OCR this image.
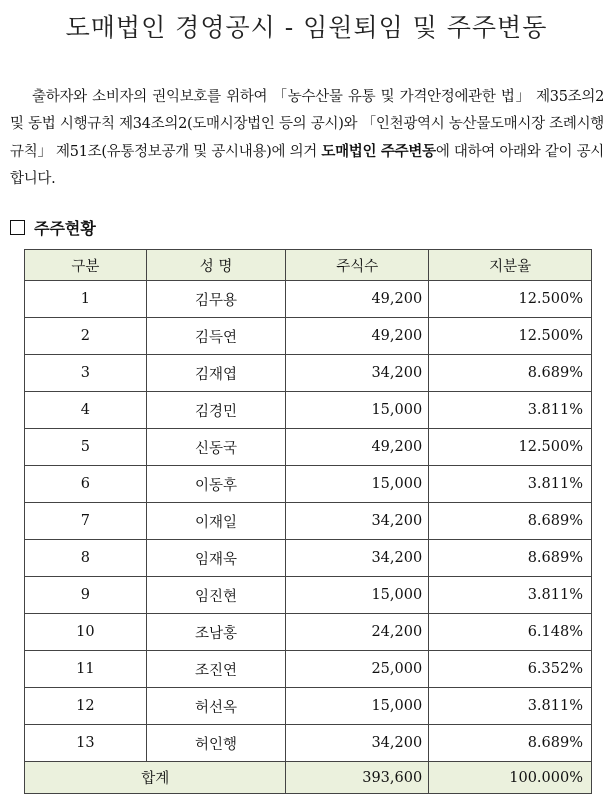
도매법인 경영공시 - 임원퇴임 및 주주변동

출하자와 소비자의 권익보호를 위하여 「농수산물 유통 및 가격안정에관한 법」 제35조의2 및 동법 시행규칙 제34조의2(도매시장법인 등의 공시)와 「인천광역시 농산물도매시장 조례시행규칙」 제51조(유통정보공개 및 공시내용)에 의거 도매법인 주주변동에 대하여 아래와 같이 공시합니다.

주주현황
구분	성 명	주식수	지분율
1	김무용	49,200	12.500%
2	김득연	49,200	12.500%
3	김재엽	34,200	8.689%
4	김경민	15,000	3.811%
5	신동국	49,200	12.500%
6	이동후	15,000	3.811%
7	이재일	34,200	8.689%
8	임재욱	34,200	8.689%
9	임진현	15,000	3.811%
10	조남홍	24,200	6.148%
11	조진연	25,000	6.352%
12	허선옥	15,000	3.811%
13	허인행	34,200	8.689%
합계		393,600	100.000%
